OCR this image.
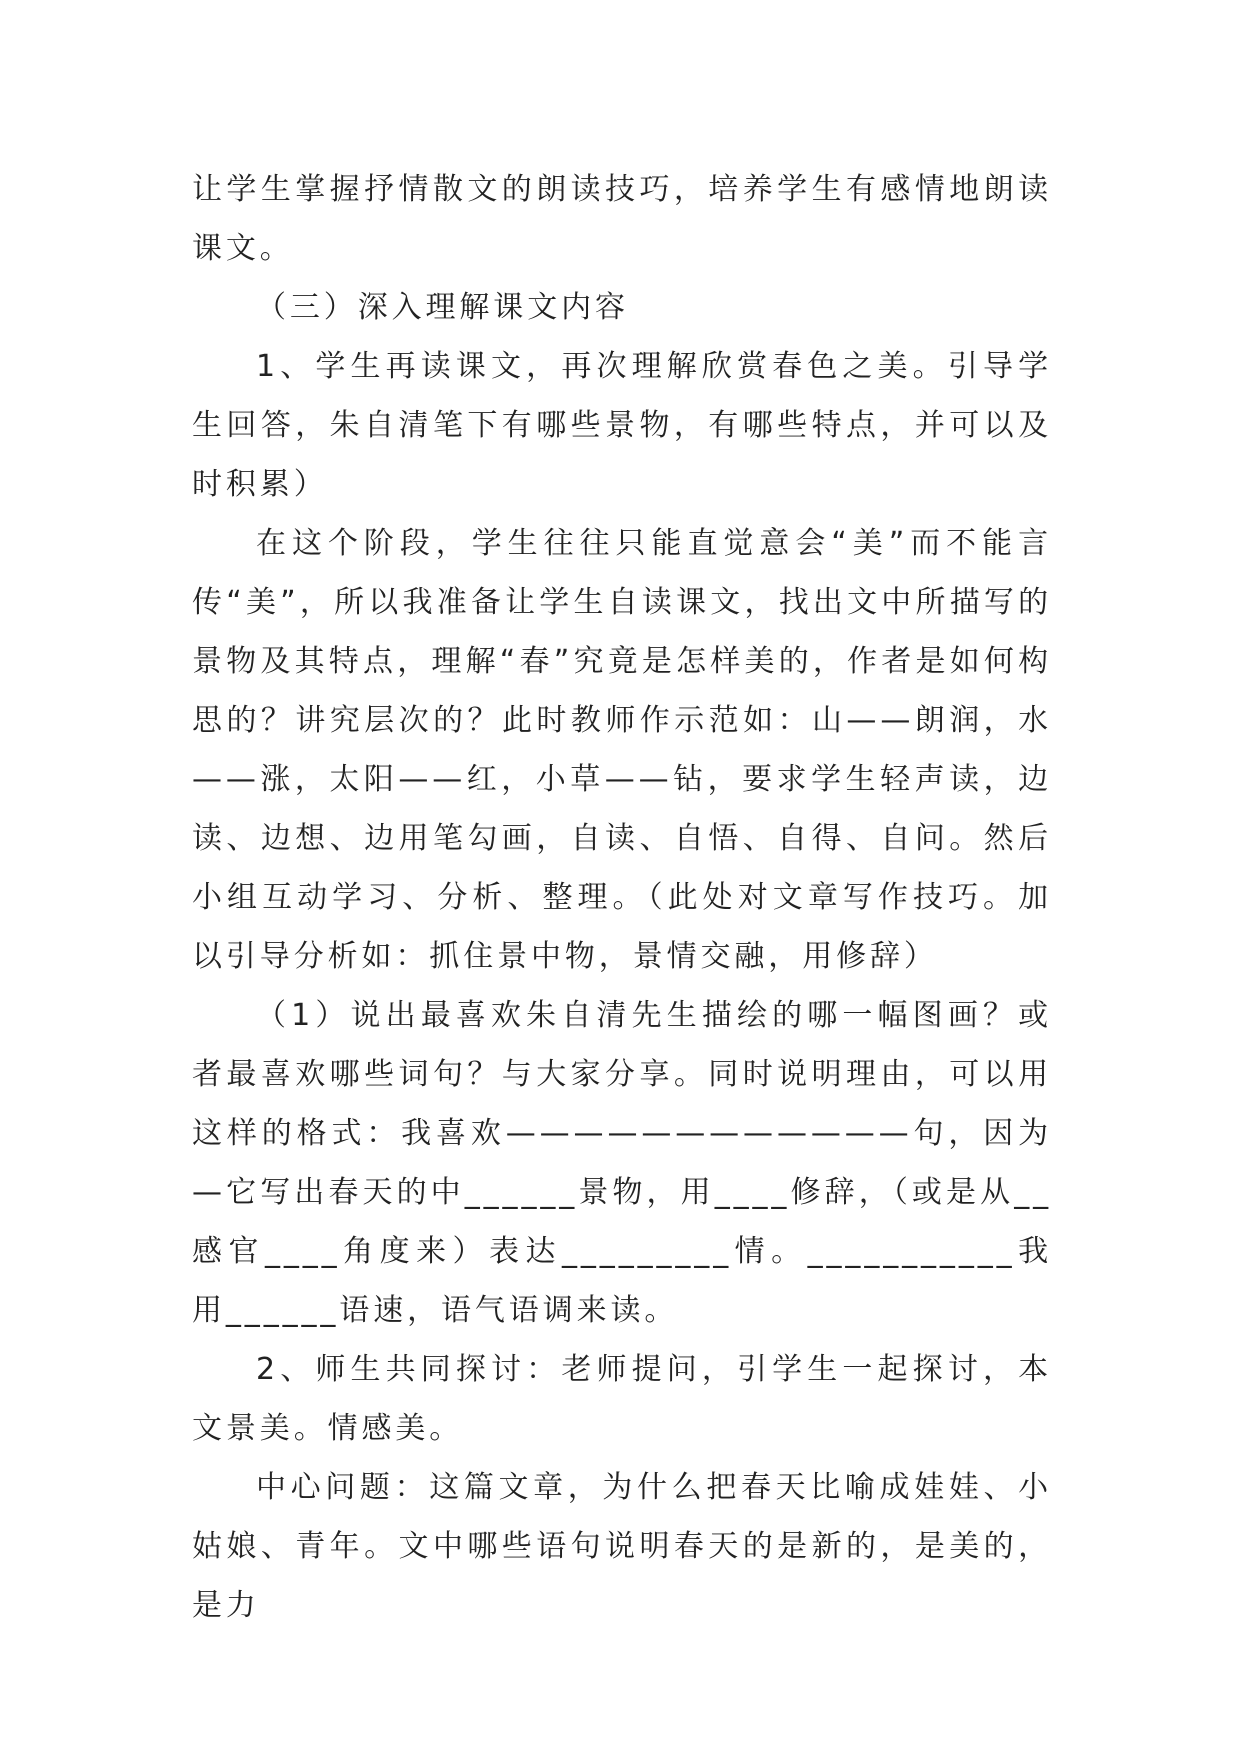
让学生掌握抒情散文的朗读技巧，培养学生有感情地朗读课文。

（三）深入理解课文内容

1、学生再读课文，再次理解欣赏春色之美。引导学生回答，朱自清笔下有哪些景物，有哪些特点，并可以及时积累）

在这个阶段，学生往往只能直觉意会“美”而不能言传“美”，所以我准备让学生自读课文，找出文中所描写的景物及其特点，理解“春”究竟是怎样美的，作者是如何构思的？讲究层次的？此时教师作示范如：山——朗润，水——涨，太阳——红，小草——钻，要求学生轻声读，边读、边想、边用笔勾画，自读、自悟、自得、自问。然后小组互动学习、分析、整理。（此处对文章写作技巧。加以引导分析如：抓住景中物，景情交融，用修辞）

（1）说出最喜欢朱自清先生描绘的哪一幅图画？或者最喜欢哪些词句？与大家分享。同时说明理由，可以用这样的格式：我喜欢————————————句，因为—它写出春天的中______景物，用____修辞，（或是从__感官____角度来）表达_________情。___________我用______语速，语气语调来读。

2、师生共同探讨：老师提问，引学生一起探讨，本文景美。情感美。

中心问题：这篇文章，为什么把春天比喻成娃娃、小姑娘、青年。文中哪些语句说明春天的是新的，是美的，是力
